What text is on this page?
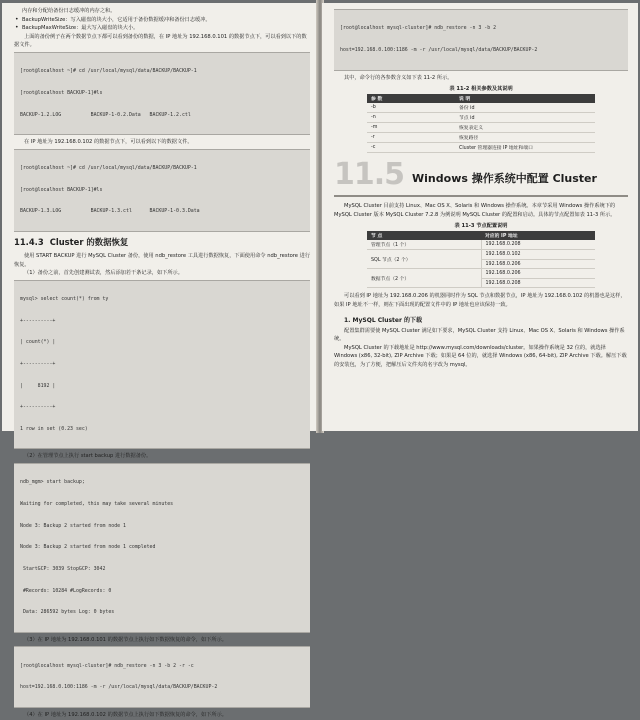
内存和分配给备份日志缓冲的内存之和。
• BackupWriteSize：写入磁盘的块大小，它适用于备份数据缓冲和备份日志缓冲。
• BackupMaxWriteSize：最大写入磁盘的块大小。

上面的备份例子在两个数据节点下都可以看到备份的数据，在 IP 地址为 192.168.0.101 的数据节点下，可以看到以下的数据文件。

[root@localhost ~]# cd /usr/local/mysql/data/BACKUP/BACKUP-1

[root@localhost BACKUP-1]#ls

BACKUP-1.2.LOG          BACKUP-1-0.2.Data   BACKUP-1.2.ctl

在 IP 地址为 192.168.0.102 的数据节点下，可以看到以下的数据文件。

[root@localhost ~]# cd /usr/local/mysql/data/BACKUP/BACKUP-1

[root@localhost BACKUP-1]#ls

BACKUP-1.3.LOG          BACKUP-1.3.ctl      BACKUP-1-0.3.Data

11.4.3 Cluster 的数据恢复

使用 START BACKUP 进行 MySQL Cluster 备份，使用 ndb_restore 工具进行数据恢复，下面使用命令 ndb_restore 进行恢复。

（1）备份之前，首先创建测试表，然后添加若干条记录，如下所示。

mysql> select count(*) from ty

+----------+

| count(*) |

+----------+

|     8192 |

+----------+

1 row in set (0.23 sec)

（2）在管理节点上执行 start backup 进行数据备份。

ndb_mgm> start backup;

Waiting for completed, this may take several minutes

Node 3: Backup 2 started from node 1

Node 3: Backup 2 started from node 1 completed

StartGCP: 3039 StopGCP: 3042

#Records: 10284 #LogRecords: 0

Data: 286592 bytes Log: 0 bytes

（3）在 IP 地址为 192.168.0.101 的数据节点上执行如下数据恢复的命令，如下所示。

[root@localhost mysql-cluster]# ndb_restore -n 3 -b 2 -r -c

host=192.168.0.100:1186 -m -r /usr/local/mysql/data/BACKUP/BACKUP-2

（4）在 IP 地址为 192.168.0.102 的数据节点上执行如下数据恢复的命令，如下所示。

[root@localhost mysql-cluster]# ndb_restore -n 3 -b 2

host=192.168.0.100:1186 -m -r /usr/local/mysql/data/BACKUP/BACKUP-2

其中，命令行的各参数含义如下表 11-2 所示。

表 11-2 相关参数及其说明
参 数	说 明
-b	备份 id
-n	节点 id
-m	恢复表定义
-r	恢复路径
-c	Cluster 管理器连接 IP 地址和端口
11.5 Windows 操作系统中配置 Cluster

MySQL Cluster 目前支持 Linux、Mac OS X、Solaris 和 Windows 操作系统。本章节采用 Windows 操作系统下的 MySQL Cluster 版本 MySQL Cluster 7.2.8 为例说明 MySQL Cluster 的配置和启动。具体的节点配置如表 11-3 所示。

表 11-3 节点配置说明
节 点	对应的 IP 地址
管理节点（1 个）	192.168.0.208
SQL 节点（2 个）	192.168.0.102
	192.168.0.206
数据节点（2 个）	192.168.0.206
	192.168.0.208

可以看到 IP 地址为 192.168.0.206 的机器同时作为 SQL 节点和数据节点，IP 地址为 192.168.0.102 的机器也是这样，如果 IP 地址不一样，则在下面出现的配置文件中的 IP 地址也应该保持一致。

1. MySQL Cluster 的下载

配置集群需要使 MySQL Cluster 满足如下要求，MySQL Cluster 支持 Linux、Mac OS X、Solaris 和 Windows 操作系统。

MySQL Cluster 的下载地址是 http://www.mysql.com/downloads/cluster。如果操作系统是 32 位的，就选择 Windows (x86, 32-bit), ZIP Archive 下载；如果是 64 位的，就选择 Windows (x86, 64-bit), ZIP Archive 下载。解压下载的安装包，为了方便，把解压后文件夹的名字改为 mysql。
